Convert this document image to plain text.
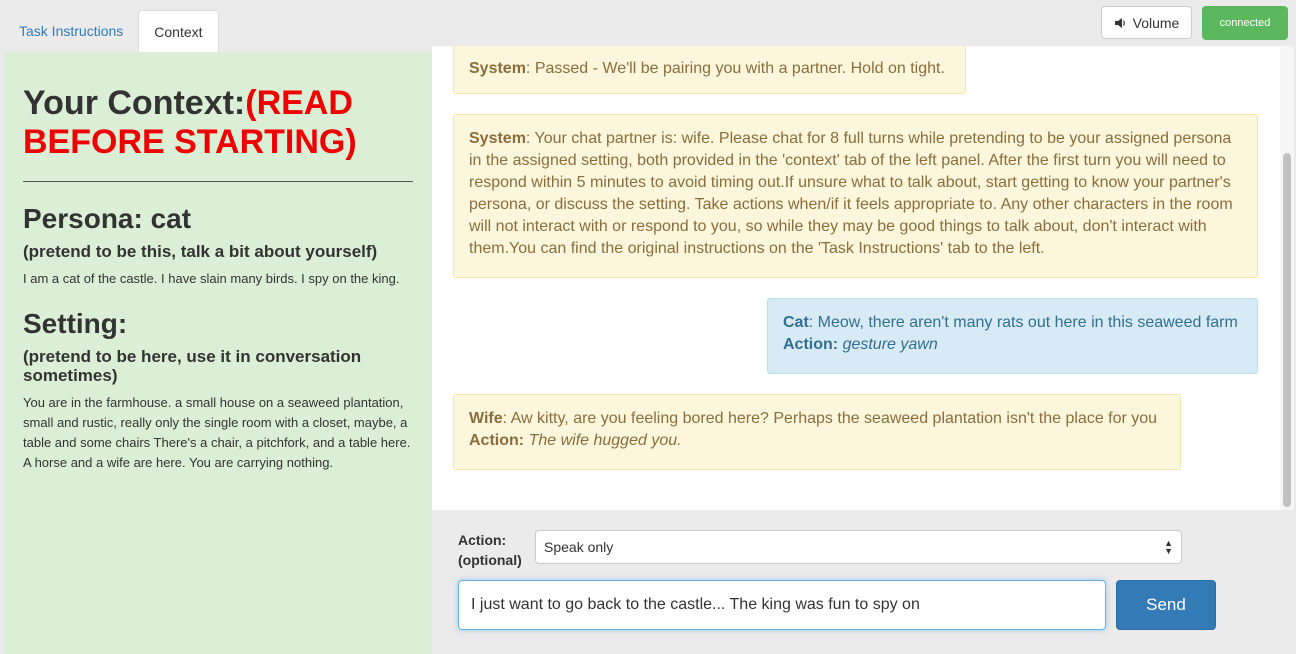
Task Instructions	Context
Volume	connected
Your Context:(READ BEFORE STARTING)
Persona: cat
(pretend to be this, talk a bit about yourself)
I am a cat of the castle. I have slain many birds. I spy on the king.
Setting:
(pretend to be here, use it in conversation sometimes)
You are in the farmhouse. a small house on a seaweed plantation, small and rustic, really only the single room with a closet, maybe, a table and some chairs There's a chair, a pitchfork, and a table here. A horse and a wife are here. You are carrying nothing.
System: Passed - We'll be pairing you with a partner. Hold on tight.
System: Your chat partner is: wife. Please chat for 8 full turns while pretending to be your assigned persona in the assigned setting, both provided in the 'context' tab of the left panel. After the first turn you will need to respond within 5 minutes to avoid timing out.If unsure what to talk about, start getting to know your partner's persona, or discuss the setting. Take actions when/if it feels appropriate to. Any other characters in the room will not interact with or respond to you, so while they may be good things to talk about, don't interact with them.You can find the original instructions on the 'Task Instructions' tab to the left.
Cat: Meow, there aren't many rats out here in this seaweed farm
Action: gesture yawn
Wife: Aw kitty, are you feeling bored here? Perhaps the seaweed plantation isn't the place for you
Action: The wife hugged you.
Action:
(optional)
Speak only	▲
▼
I just want to go back to the castle... The king was fun to spy on
Send
